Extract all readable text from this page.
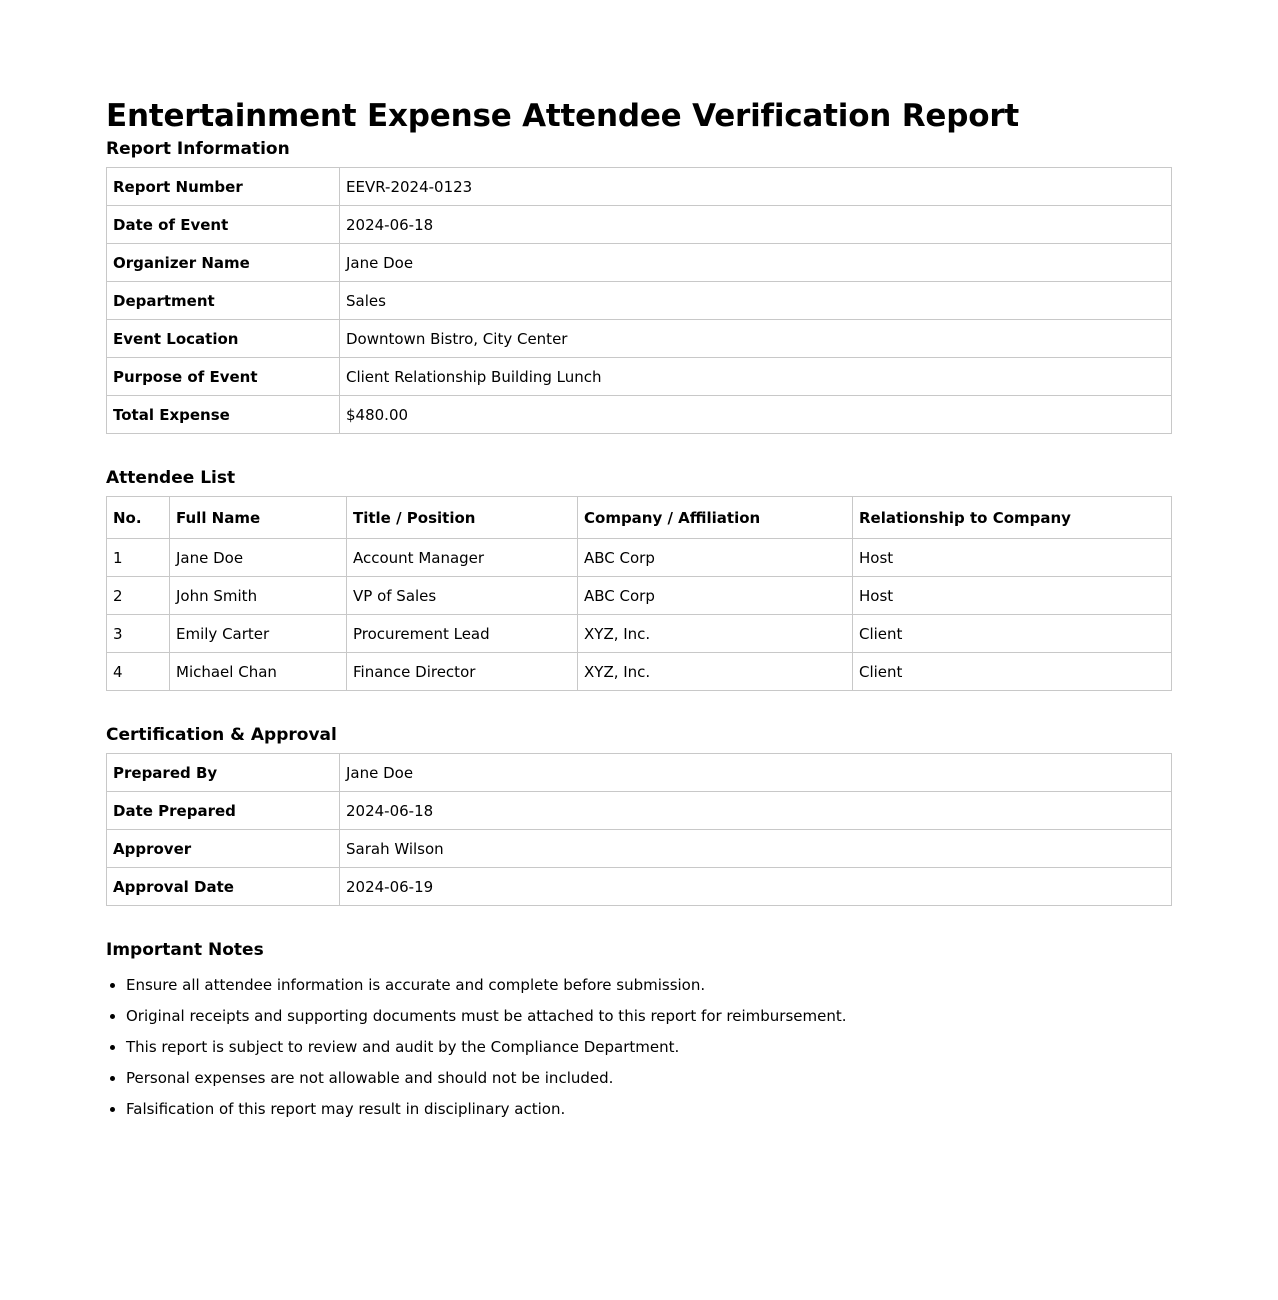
Entertainment Expense Attendee Verification Report
Report Information
Report Number	EEVR-2024-0123
Date of Event	2024-06-18
Organizer Name	Jane Doe
Department	Sales
Event Location	Downtown Bistro, City Center
Purpose of Event	Client Relationship Building Lunch
Total Expense	$480.00
Attendee List
No.	Full Name	Title / Position	Company / Affiliation	Relationship to Company
1	Jane Doe	Account Manager	ABC Corp	Host
2	John Smith	VP of Sales	ABC Corp	Host
3	Emily Carter	Procurement Lead	XYZ, Inc.	Client
4	Michael Chan	Finance Director	XYZ, Inc.	Client
Certification & Approval
Prepared By	Jane Doe
Date Prepared	2024-06-18
Approver	Sarah Wilson
Approval Date	2024-06-19
Important Notes
• Ensure all attendee information is accurate and complete before submission.
• Original receipts and supporting documents must be attached to this report for reimbursement.
• This report is subject to review and audit by the Compliance Department.
• Personal expenses are not allowable and should not be included.
• Falsification of this report may result in disciplinary action.
